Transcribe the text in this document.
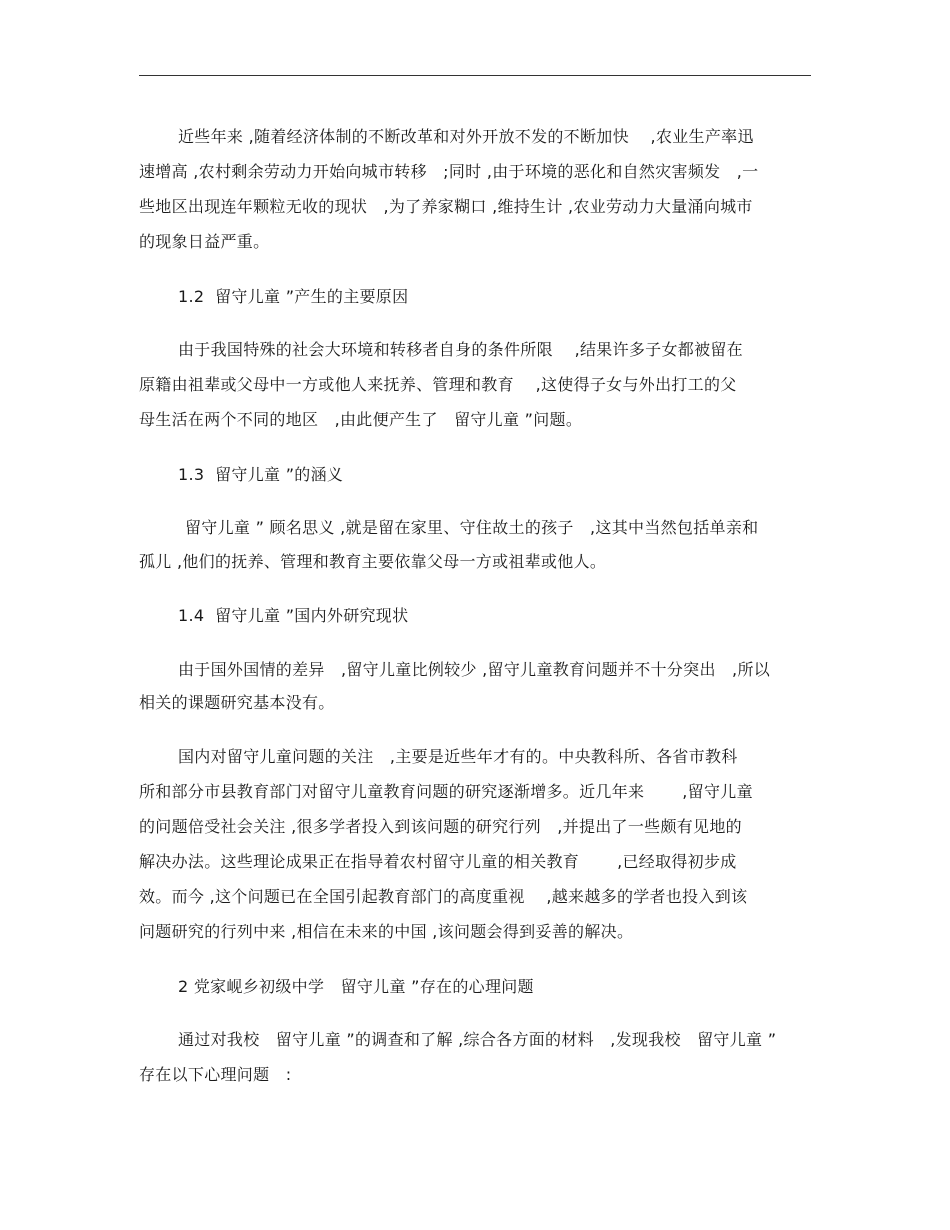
近些年来 ,随着经济体制的不断改革和对外开放不发的不断加快　 ,农业生产率迅
速增高 ,农村剩余劳动力开始向城市转移　;同时 ,由于环境的恶化和自然灾害频发　,一
些地区出现连年颗粒无收的现状　,为了养家糊口 ,维持生计 ,农业劳动力大量涌向城市
的现象日益严重。
1.2  留守儿童 ”产生的主要原因
由于我国特殊的社会大环境和转移者自身的条件所限　 ,结果许多子女都被留在
原籍由祖辈或父母中一方或他人来抚养、管理和教育　 ,这使得子女与外出打工的父
母生活在两个不同的地区　,由此便产生了　留守儿童 ”问题。
1.3  留守儿童 ”的涵义
留守儿童 ” 顾名思义 ,就是留在家里、守住故土的孩子　,这其中当然包括单亲和
孤儿 ,他们的抚养、管理和教育主要依靠父母一方或祖辈或他人。
1.4  留守儿童 ”国内外研究现状
由于国外国情的差异　,留守儿童比例较少 ,留守儿童教育问题并不十分突出　,所以
相关的课题研究基本没有。
国内对留守儿童问题的关注　,主要是近些年才有的。中央教科所、各省市教科
所和部分市县教育部门对留守儿童教育问题的研究逐渐增多。近几年来　　 ,留守儿童
的问题倍受社会关注 ,很多学者投入到该问题的研究行列　,并提出了一些颇有见地的
解决办法。这些理论成果正在指导着农村留守儿童的相关教育　　 ,已经取得初步成
效。而今 ,这个问题已在全国引起教育部门的高度重视　 ,越来越多的学者也投入到该
问题研究的行列中来 ,相信在未来的中国 ,该问题会得到妥善的解决。
2 党家岘乡初级中学　留守儿童 ”存在的心理问题
通过对我校　留守儿童 ”的调查和了解 ,综合各方面的材料　,发现我校　留守儿童 ”
存在以下心理问题　:
